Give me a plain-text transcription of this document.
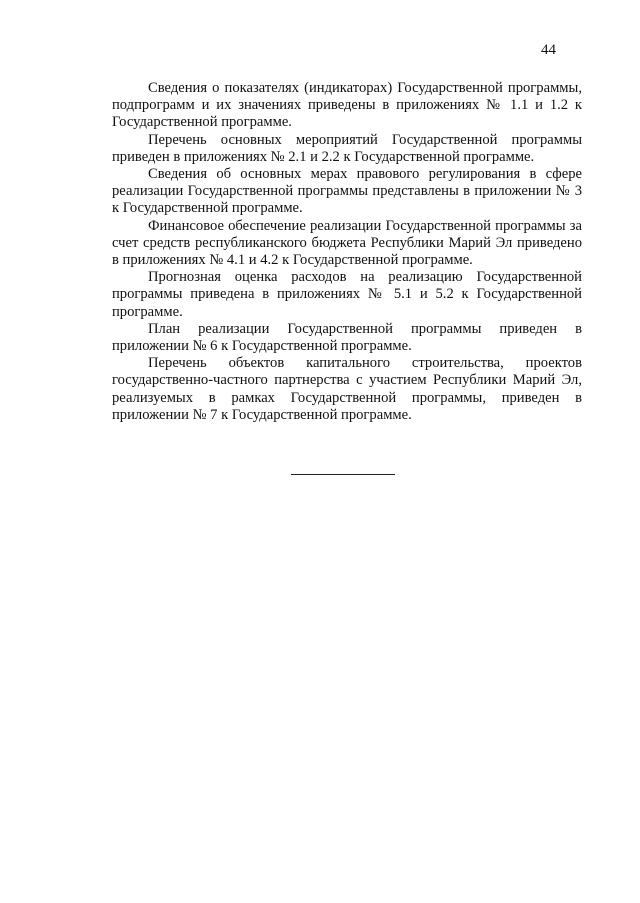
44

Сведения о показателях (индикаторах) Государственной программы, подпрограмм и их значениях приведены в приложениях № 1.1 и 1.2 к Государственной программе.

Перечень основных мероприятий Государственной программы приведен в приложениях № 2.1 и 2.2 к Государственной программе.

Сведения об основных мерах правового регулирования в сфере реализации Государственной программы представлены в приложении № 3 к Государственной программе.

Финансовое обеспечение реализации Государственной программы за счет средств республиканского бюджета Республики Марий Эл приведено в приложениях № 4.1 и 4.2 к Государственной программе.

Прогнозная оценка расходов на реализацию Государственной программы приведена в приложениях № 5.1 и 5.2 к Государственной программе.

План реализации Государственной программы приведен в приложении № 6 к Государственной программе.

Перечень объектов капитального строительства, проектов государственно-частного партнерства с участием Республики Марий Эл, реализуемых в рамках Государственной программы, приведен в приложении № 7 к Государственной программе.
